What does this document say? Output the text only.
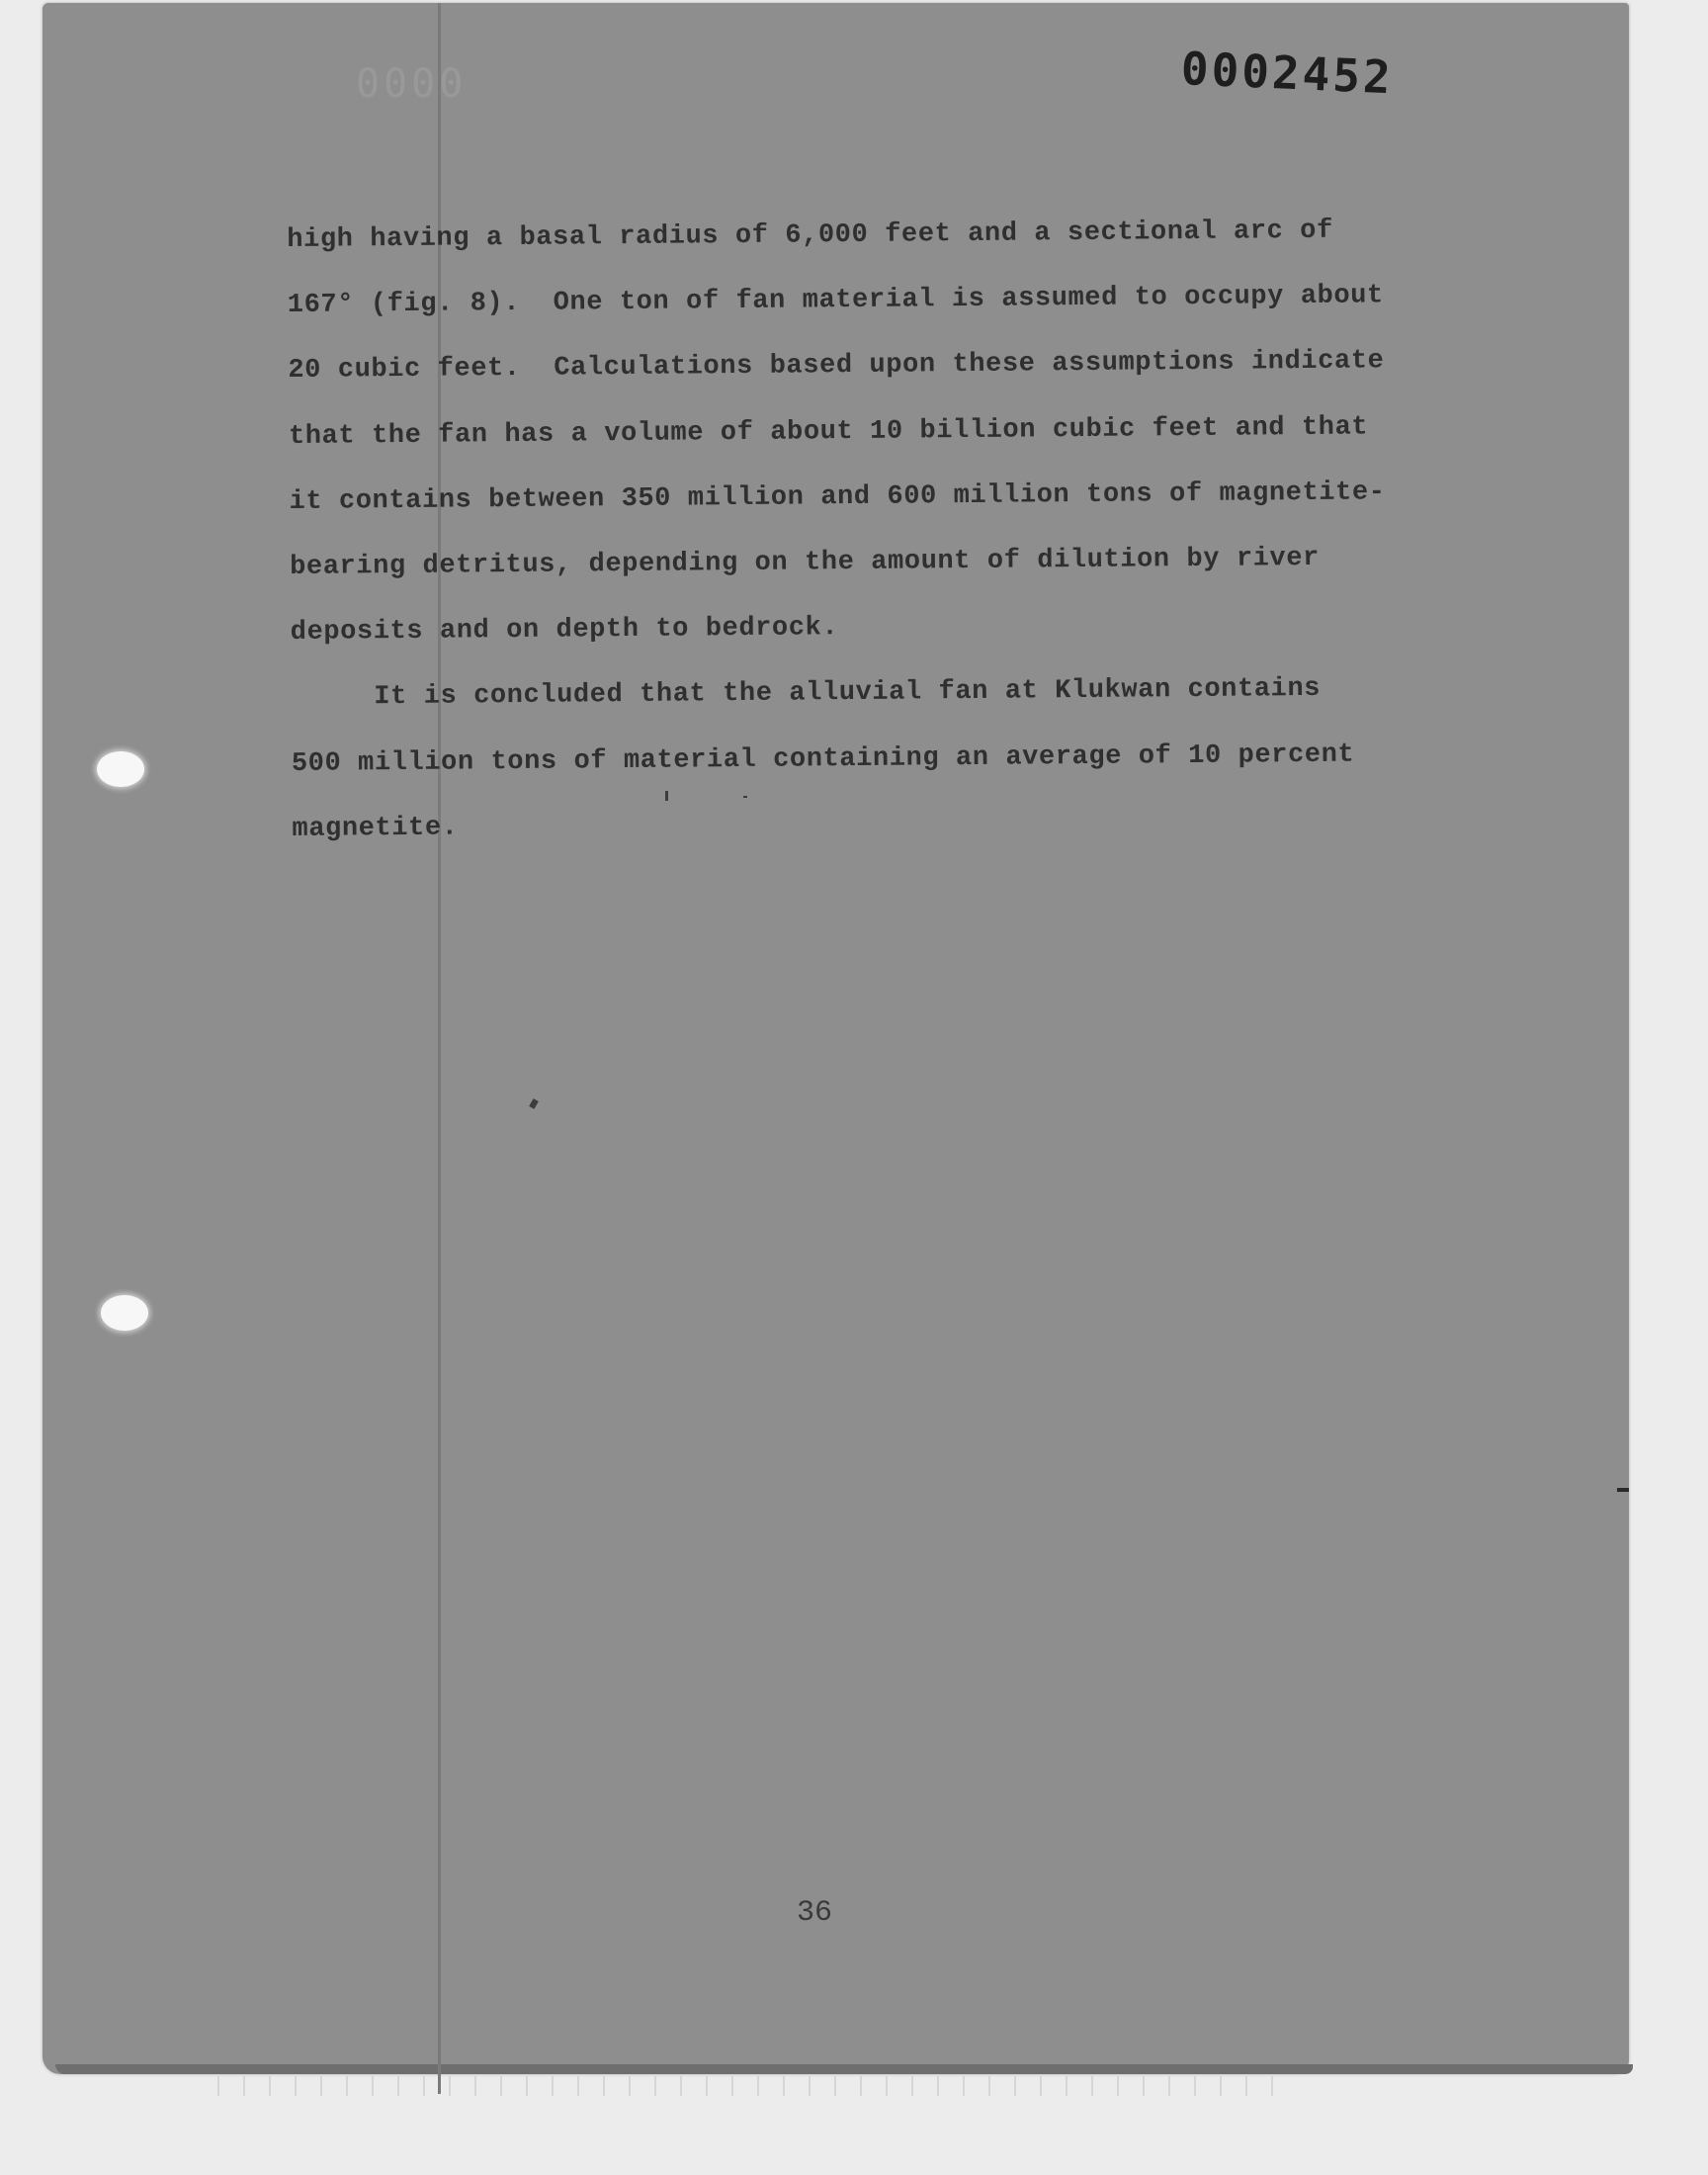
0000	0002452
high having a basal radius of 6,000 feet and a sectional arc of
167° (fig. 8).  One ton of fan material is assumed to occupy about
20 cubic feet.  Calculations based upon these assumptions indicate
that the fan has a volume of about 10 billion cubic feet and that
it contains between 350 million and 600 million tons of magnetite-
bearing detritus, depending on the amount of dilution by river
deposits and on depth to bedrock.
It is concluded that the alluvial fan at Klukwan contains
500 million tons of material containing an average of 10 percent
magnetite.
36
